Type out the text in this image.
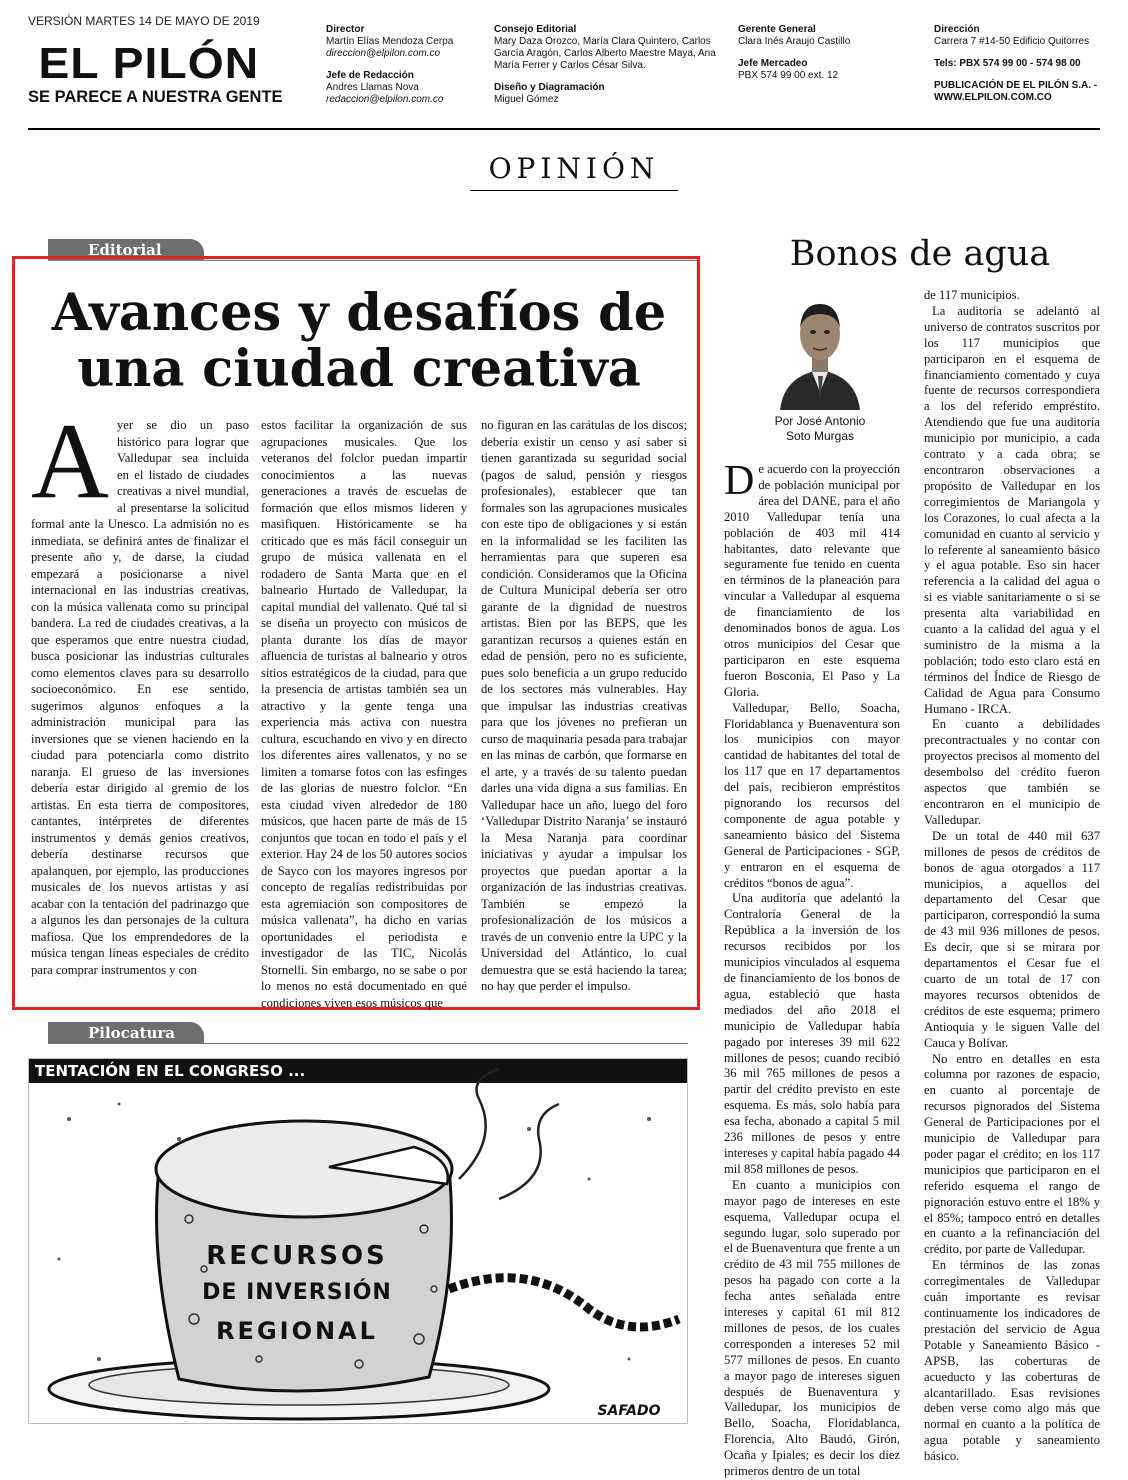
VERSIÓN MARTES 14 DE MAYO DE 2019
EL PILÓN
SE PARECE A NUESTRA GENTE
Director
Martín Elías Mendoza Cerpa
direccion@elpilon.com.co
Jefe de Redacción
Andres Llamas Nova
redaccion@elpilon.com.co
Consejo Editorial
Mary Daza Orozco, María Clara Quintero, Carlos García Aragón, Carlos Alberto Maestre Maya, Ana María Ferrer y Carlos César Silva.
Diseño y Diagramación
Miguel Gómez
Gerente General
Clara Inés Araujo Castillo
Jefe Mercadeo
PBX 574 99 00 ext. 12
Dirección
Carrera 7 #14-50 Edificio Quitorres
Tels: PBX 574 99 00 - 574 98 00
PUBLICACIÓN DE EL PILÓN S.A. - WWW.ELPILON.COM.CO
OPINIÓN
Editorial
Avances y desafíos de una ciudad creativa
A yer se dio un paso histórico para lograr que Valledupar sea incluida en el listado de ciudades creativas a nivel mundial, al presentarse la solicitud formal ante la Unesco. La admisión no es inmediata, se definirá antes de finalizar el presente año y, de darse, la ciudad empezará a posicionarse a nivel internacional en las industrias creativas, con la música vallenata como su principal bandera. La red de ciudades creativas, a la que esperamos que entre nuestra ciudad, busca posicionar las industrias culturales como elementos claves para su desarrollo socioeconómico. En ese sentido, sugerimos algunos enfoques a la administración municipal para las inversiones que se vienen haciendo en la ciudad para potenciarla como distrito naranja. El grueso de las inversiones debería estar dirigido al gremio de los artistas. En esta tierra de compositores, cantantes, intérpretes de diferentes instrumentos y demás genios creativos, debería destinarse recursos que apalanquen, por ejemplo, las producciones musicales de los nuevos artistas y así acabar con la tentación del padrinazgo que a algunos les dan personajes de la cultura mafiosa. Que los emprendedores de la música tengan líneas especiales de crédito para comprar instrumentos y con
estos facilitar la organización de sus agrupaciones musicales. Que los veteranos del folclor puedan impartir conocimientos a las nuevas generaciones a través de escuelas de formación que ellos mismos lideren y masifiquen. Históricamente se ha criticado que es más fácil conseguir un grupo de música vallenata en el rodadero de Santa Marta que en el balneario Hurtado de Valledupar, la capital mundial del vallenato. Qué tal si se diseña un proyecto con músicos de planta durante los días de mayor afluencia de turistas al balneario y otros sitios estratégicos de la ciudad, para que la presencia de artistas también sea un atractivo y la gente tenga una experiencia más activa con nuestra cultura, escuchando en vivo y en directo los diferentes aires vallenatos, y no se limiten a tomarse fotos con las esfinges de las glorias de nuestro folclor. “En esta ciudad viven alrededor de 180 músicos, que hacen parte de más de 15 conjuntos que tocan en todo el país y el exterior. Hay 24 de los 50 autores socios de Sayco con los mayores ingresos por concepto de regalías redistribuidas por esta agremiación son compositores de música vallenata”, ha dicho en varias oportunidades el periodista e investigador de las TIC, Nicolás Stornelli. Sin embargo, no se sabe o por lo menos no está documentado en qué condiciones viven esos músicos que
no figuran en las carátulas de los discos; debería existir un censo y así saber si tienen garantizada su seguridad social (pagos de salud, pensión y riesgos profesionales), establecer que tan formales son las agrupaciones musicales con este tipo de obligaciones y si están en la informalidad se les faciliten las herramientas para que superen esa condición. Consideramos que la Oficina de Cultura Municipal debería ser otro garante de la dignidad de nuestros artistas. Bien por las BEPS, que les garantizan recursos a quienes están en edad de pensión, pero no es suficiente, pues solo beneficia a un grupo reducido de los sectores más vulnerables. Hay que impulsar las industrias creativas para que los jóvenes no prefieran un curso de maquinaria pesada para trabajar en las minas de carbón, que formarse en el arte, y a través de su talento puedan darles una vida digna a sus familias. En Valledupar hace un año, luego del foro ‘Valledupar Distrito Naranja’ se instauró la Mesa Naranja para coordinar iniciativas y ayudar a impulsar los proyectos que puedan aportar a la organización de las industrias creativas. También se empezó la profesionalización de los músicos a través de un convenio entre la UPC y la Universidad del Atlántico, lo cual demuestra que se está haciendo la tarea; no hay que perder el impulso.
Pilocatura
TENTACIÓN EN EL CONGRESO ...
RECURSOS
DE INVERSIÓN
REGIONAL
SAFADO
Bonos de agua
Por José Antonio
Soto Murgas

De acuerdo con la proyección de población municipal por área del DANE, para el año 2010 Valledupar tenía una población de 403 mil 414 habitantes, dato relevante que seguramente fue tenido en cuenta en términos de la planeación para vincular a Valledupar al esquema de financiamiento de los denominados bonos de agua. Los otros municipios del Cesar que participaron en este esquema fueron Bosconia, El Paso y La Gloria.

Valledupar, Bello, Soacha, Floridablanca y Buenaventura son los municipios con mayor cantidad de habitantes del total de los 117 que en 17 departamentos del país, recibieron empréstitos pignorando los recursos del componente de agua potable y saneamiento básico del Sistema General de Participaciones - SGP, y entraron en el esquema de créditos “bonos de agua”.

Una auditoría que adelantó la Contraloría General de la República a la inversión de los recursos recibidos por los municipios vinculados al esquema de financiamiento de los bonos de agua, estableció que hasta mediados del año 2018 el municipio de Valledupar había pagado por intereses 39 mil 622 millones de pesos; cuando recibió 36 mil 765 millones de pesos a partir del crédito previsto en este esquema. Es más, solo había para esa fecha, abonado a capital 5 mil 236 millones de pesos y entre intereses y capital había pagado 44 mil 858 millones de pesos.

En cuanto a municipios con mayor pago de intereses en este esquema, Valledupar ocupa el segundo lugar, solo superado por el de Buenaventura que frente a un crédito de 43 mil 755 millones de pesos ha pagado con corte a la fecha antes señalada entre intereses y capital 61 mil 812 millones de pesos, de los cuales corresponden a intereses 52 mil 577 millones de pesos. En cuanto a mayor pago de intereses siguen después de Buenaventura y Valledupar, los municipios de Bello, Soacha, Floridablanca, Florencia, Alto Baudó, Girón, Ocaña y Ipiales; es decir los diez primeros dentro de un total

de 117 municipios.

La auditoría se adelantó al universo de contratos suscritos por los 117 municipios que participaron en el esquema de financiamiento comentado y cuya fuente de recursos correspondiera a los del referido empréstito. Atendiendo que fue una auditoría municipio por municipio, a cada contrato y a cada obra; se encontraron observaciones a propósito de Valledupar en los corregimientos de Mariangola y los Corazones, lo cual afecta a la comunidad en cuanto al servicio y lo referente al saneamiento básico y el agua potable. Eso sin hacer referencia a la calidad del agua o si es viable sanitariamente o si se presenta alta variabilidad en cuanto a la calidad del agua y el suministro de la misma a la población; todo esto claro está en términos del Índice de Riesgo de Calidad de Agua para Consumo Humano - IRCA.

En cuanto a debilidades precontractuales y no contar con proyectos precisos al momento del desembolso del crédito fueron aspectos que también se encontraron en el municipio de Valledupar.

De un total de 440 mil 637 millones de pesos de créditos de bonos de agua otorgados a 117 municipios, a aquellos del departamento del Cesar que participaron, correspondió la suma de 43 mil 936 millones de pesos. Es decir, que si se mirara por departamentos el Cesar fue el cuarto de un total de 17 con mayores recursos obtenidos de créditos de este esquema; primero Antioquia y le siguen Valle del Cauca y Bolívar.

No entro en detalles en esta columna por razones de espacio, en cuanto al porcentaje de recursos pignorados del Sistema General de Participaciones por el municipio de Valledupar para poder pagar el crédito; en los 117 municipios que participaron en el referido esquema el rango de pignoración estuvo entre el 18% y el 85%; tampoco entró en detalles en cuanto a la refinanciación del crédito, por parte de Valledupar.

En términos de las zonas corregimentales de Valledupar cuán importante es revisar continuamente los indicadores de prestación del servicio de Agua Potable y Saneamiento Básico - APSB, las coberturas de acueducto y las coberturas de alcantarillado. Esas revisiones deben verse como algo más que normal en cuanto a la política de agua potable y saneamiento básico.
